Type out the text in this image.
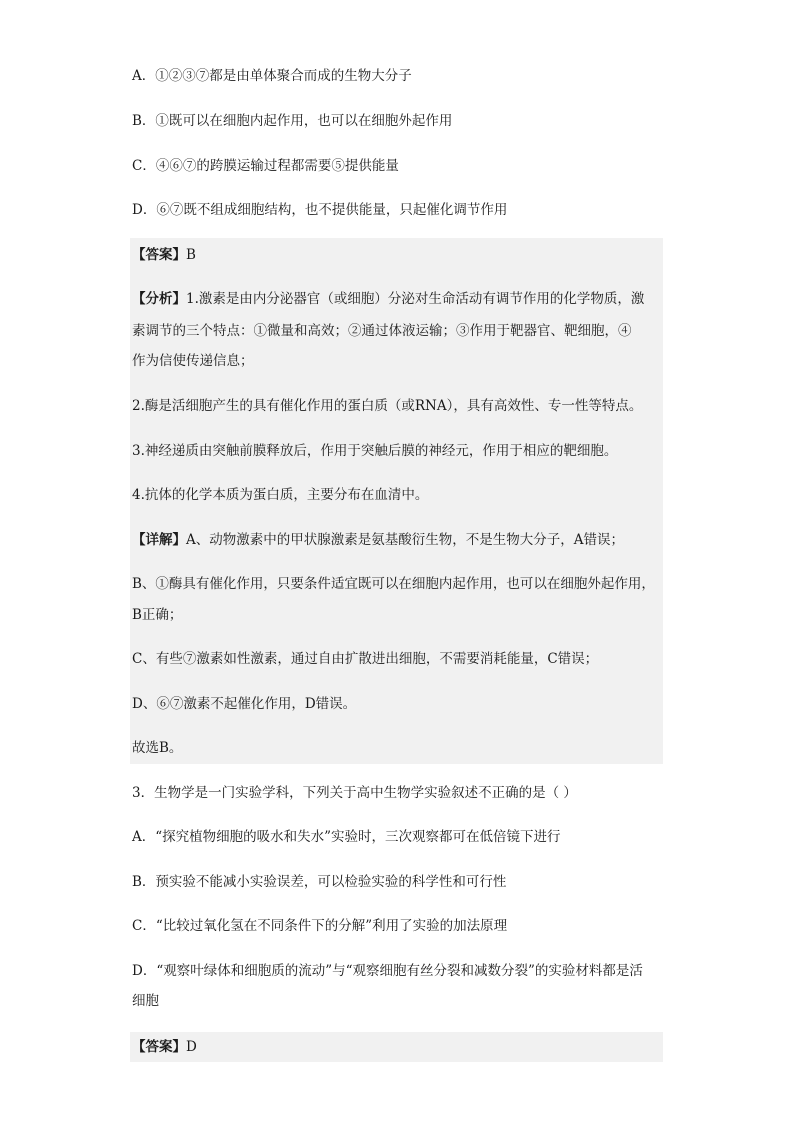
A．①②③⑦都是由单体聚合而成的生物大分子
B．①既可以在细胞内起作用，也可以在细胞外起作用
C．④⑥⑦的跨膜运输过程都需要⑤提供能量
D．⑥⑦既不组成细胞结构，也不提供能量，只起催化调节作用
【答案】B
【分析】1.激素是由内分泌器官（或细胞）分泌对生命活动有调节作用的化学物质，激
素调节的三个特点：①微量和高效；②通过体液运输；③作用于靶器官、靶细胞，④
作为信使传递信息；
2.酶是活细胞产生的具有催化作用的蛋白质（或RNA），具有高效性、专一性等特点。
3.神经递质由突触前膜释放后，作用于突触后膜的神经元，作用于相应的靶细胞。
4.抗体的化学本质为蛋白质，主要分布在血清中。
【详解】A、动物激素中的甲状腺激素是氨基酸衍生物，不是生物大分子，A错误；
B、①酶具有催化作用，只要条件适宜既可以在细胞内起作用，也可以在细胞外起作用，
B正确；
C、有些⑦激素如性激素，通过自由扩散进出细胞，不需要消耗能量，C错误；
D、⑥⑦激素不起催化作用，D错误。
故选B。
3．生物学是一门实验学科，下列关于高中生物学实验叙述不正确的是（ ）
A．“探究植物细胞的吸水和失水”实验时，三次观察都可在低倍镜下进行
B．预实验不能减小实验误差，可以检验实验的科学性和可行性
C．“比较过氧化氢在不同条件下的分解”利用了实验的加法原理
D．“观察叶绿体和细胞质的流动”与“观察细胞有丝分裂和减数分裂”的实验材料都是活
细胞
【答案】D
